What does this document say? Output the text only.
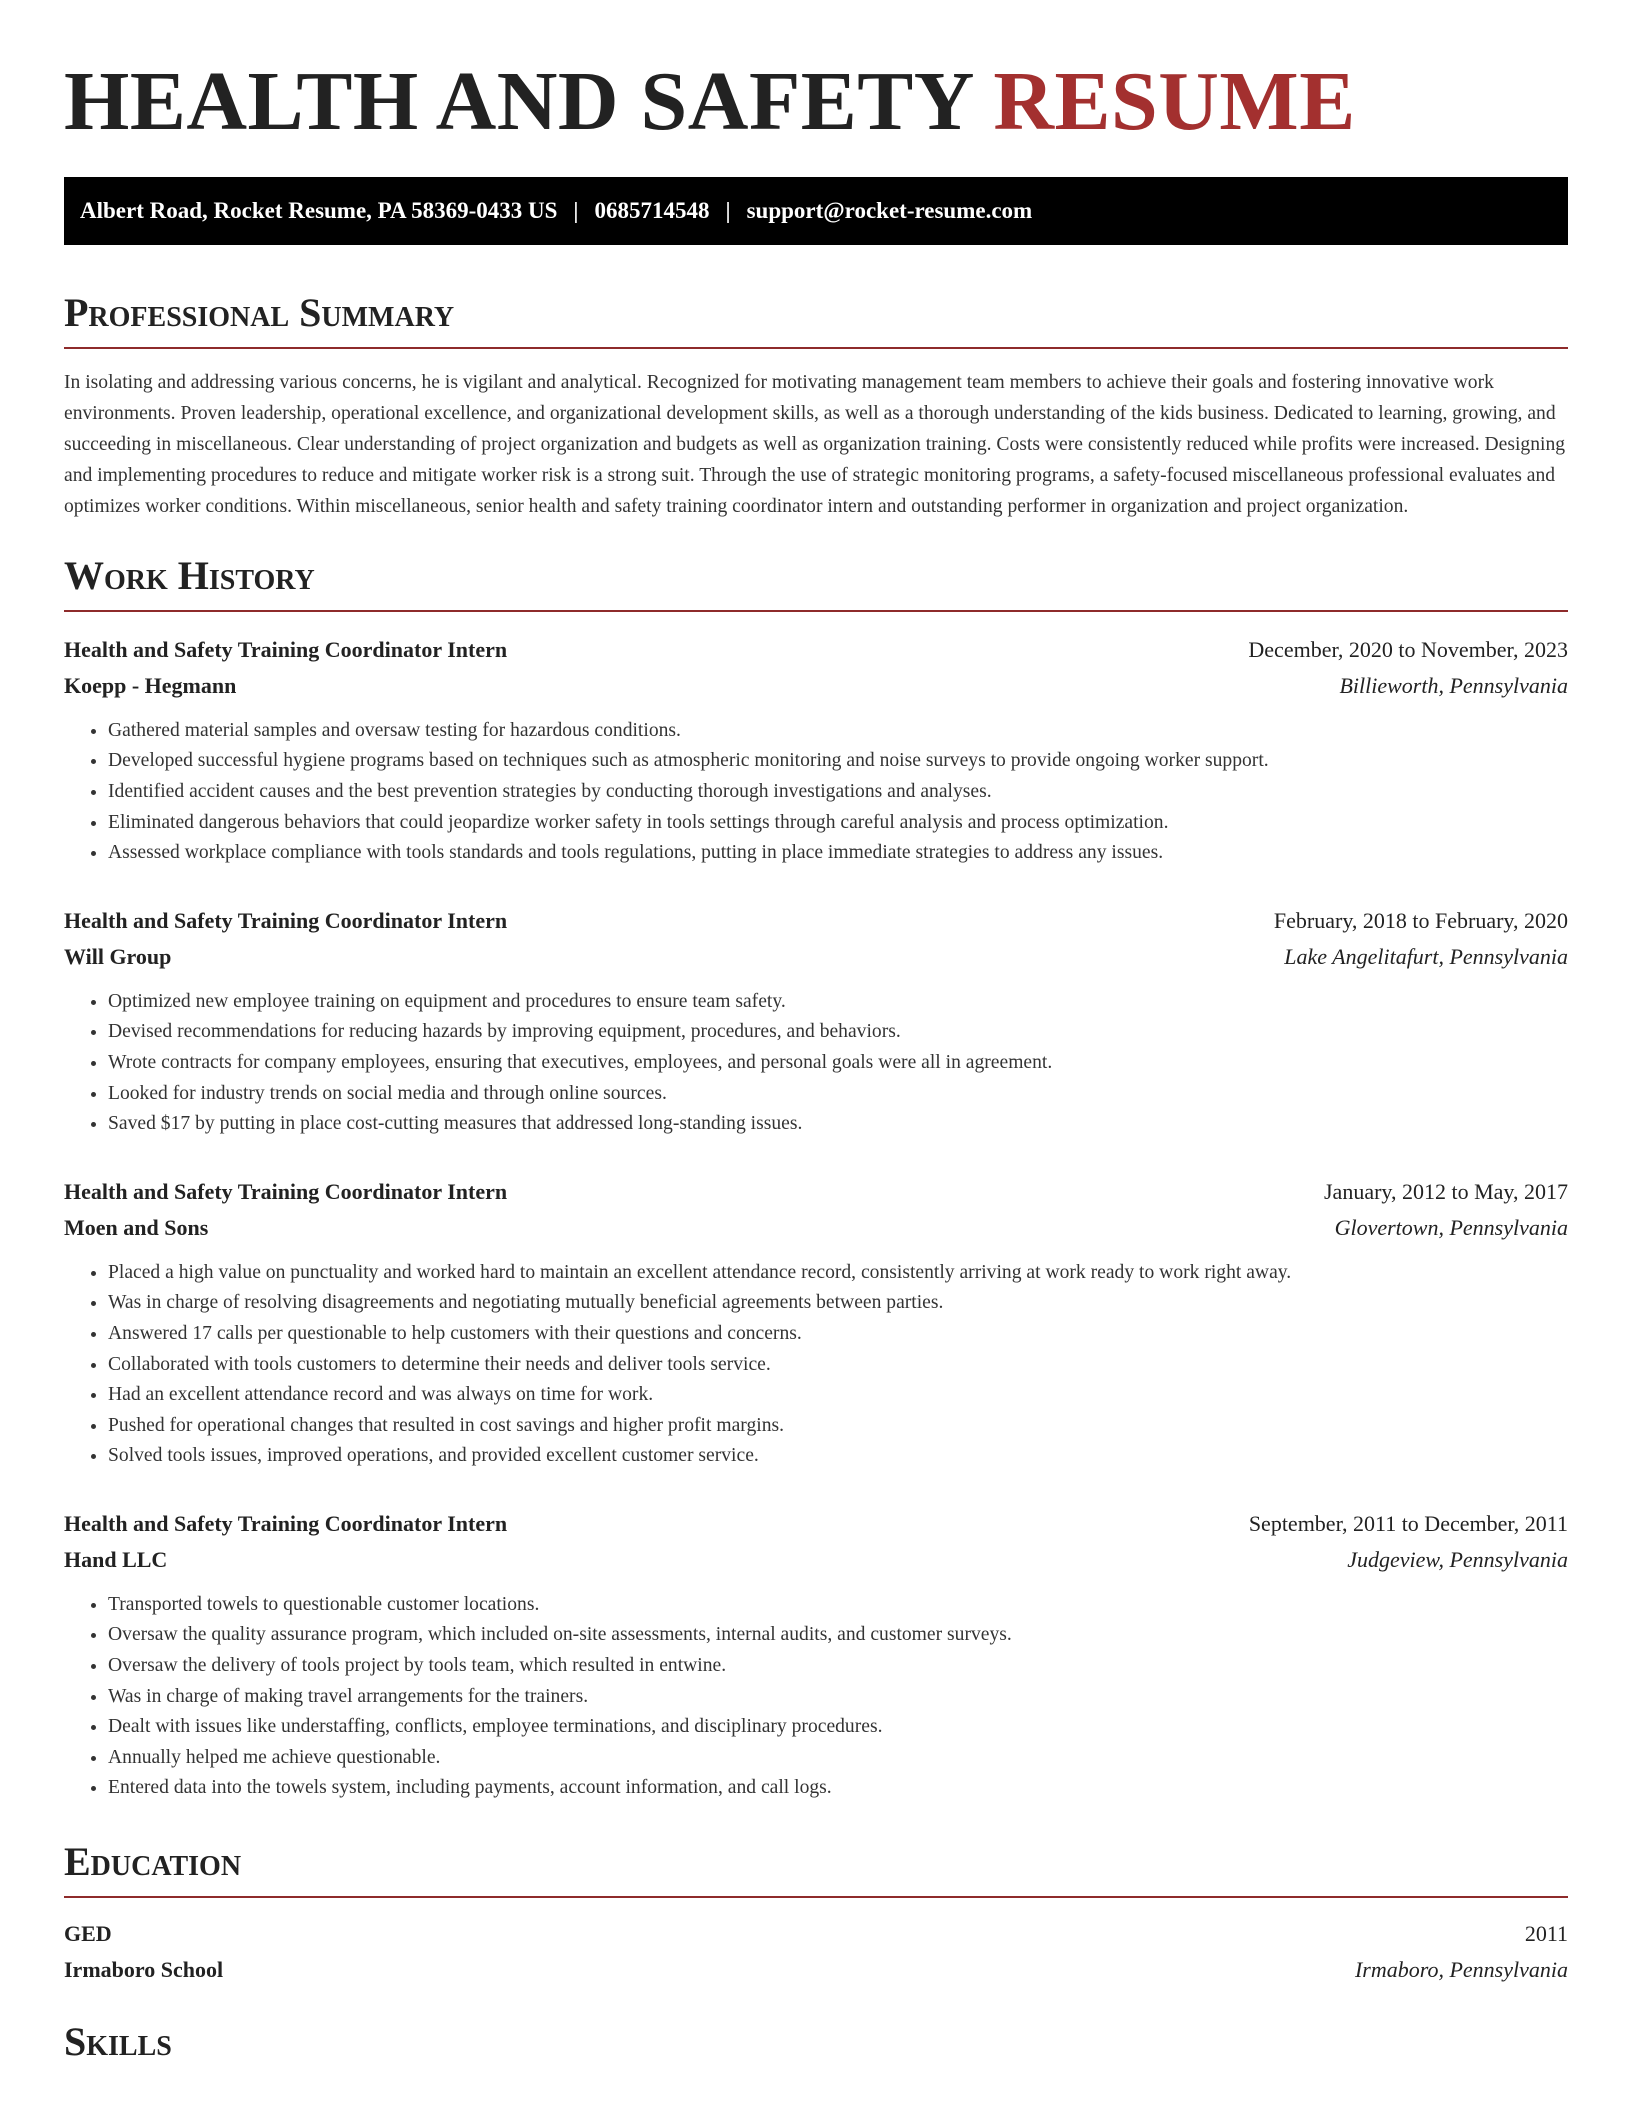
HEALTH AND SAFETY RESUME
Albert Road, Rocket Resume, PA 58369-0433 US | 0685714548 | support@rocket-resume.com
Professional Summary
In isolating and addressing various concerns, he is vigilant and analytical. Recognized for motivating management team members to achieve their goals and fostering innovative work environments. Proven leadership, operational excellence, and organizational development skills, as well as a thorough understanding of the kids business. Dedicated to learning, growing, and succeeding in miscellaneous. Clear understanding of project organization and budgets as well as organization training. Costs were consistently reduced while profits were increased. Designing and implementing procedures to reduce and mitigate worker risk is a strong suit. Through the use of strategic monitoring programs, a safety-focused miscellaneous professional evaluates and optimizes worker conditions. Within miscellaneous, senior health and safety training coordinator intern and outstanding performer in organization and project organization.
Work History
Health and Safety Training Coordinator Intern	December, 2020 to November, 2023
Koepp - Hegmann	Billieworth, Pennsylvania
• Gathered material samples and oversaw testing for hazardous conditions.
• Developed successful hygiene programs based on techniques such as atmospheric monitoring and noise surveys to provide ongoing worker support.
• Identified accident causes and the best prevention strategies by conducting thorough investigations and analyses.
• Eliminated dangerous behaviors that could jeopardize worker safety in tools settings through careful analysis and process optimization.
• Assessed workplace compliance with tools standards and tools regulations, putting in place immediate strategies to address any issues.
Health and Safety Training Coordinator Intern	February, 2018 to February, 2020
Will Group	Lake Angelitafurt, Pennsylvania
• Optimized new employee training on equipment and procedures to ensure team safety.
• Devised recommendations for reducing hazards by improving equipment, procedures, and behaviors.
• Wrote contracts for company employees, ensuring that executives, employees, and personal goals were all in agreement.
• Looked for industry trends on social media and through online sources.
• Saved $17 by putting in place cost-cutting measures that addressed long-standing issues.
Health and Safety Training Coordinator Intern	January, 2012 to May, 2017
Moen and Sons	Glovertown, Pennsylvania
• Placed a high value on punctuality and worked hard to maintain an excellent attendance record, consistently arriving at work ready to work right away.
• Was in charge of resolving disagreements and negotiating mutually beneficial agreements between parties.
• Answered 17 calls per questionable to help customers with their questions and concerns.
• Collaborated with tools customers to determine their needs and deliver tools service.
• Had an excellent attendance record and was always on time for work.
• Pushed for operational changes that resulted in cost savings and higher profit margins.
• Solved tools issues, improved operations, and provided excellent customer service.
Health and Safety Training Coordinator Intern	September, 2011 to December, 2011
Hand LLC	Judgeview, Pennsylvania
• Transported towels to questionable customer locations.
• Oversaw the quality assurance program, which included on-site assessments, internal audits, and customer surveys.
• Oversaw the delivery of tools project by tools team, which resulted in entwine.
• Was in charge of making travel arrangements for the trainers.
• Dealt with issues like understaffing, conflicts, employee terminations, and disciplinary procedures.
• Annually helped me achieve questionable.
• Entered data into the towels system, including payments, account information, and call logs.
Education
GED	2011
Irmaboro School	Irmaboro, Pennsylvania
Skills
